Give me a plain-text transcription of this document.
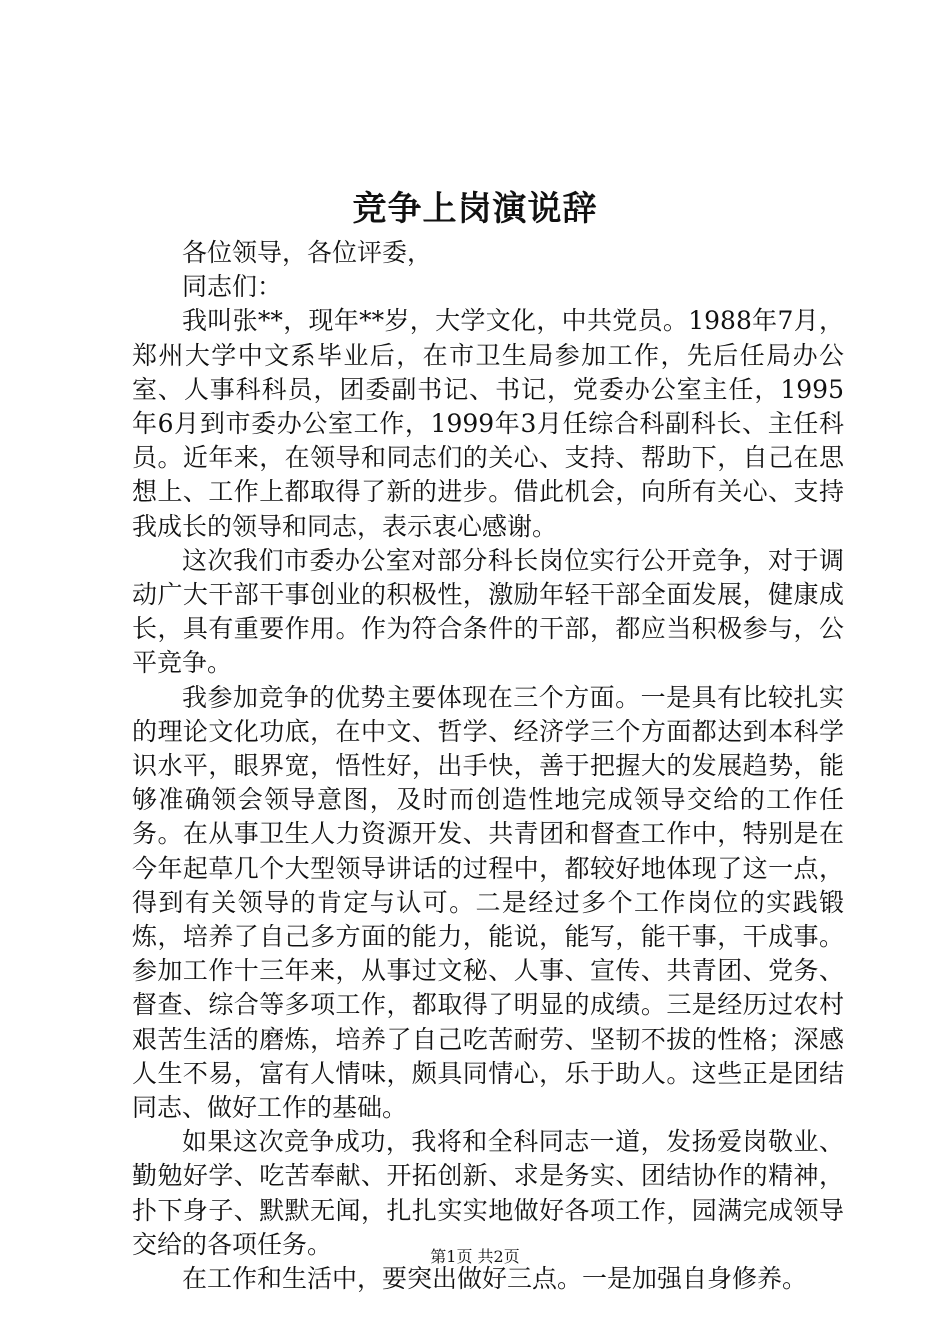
竞争上岗演说辞

各位领导，各位评委，

同志们：

我叫张**，现年**岁，大学文化，中共党员。1988年7月，郑州大学中文系毕业后，在市卫生局参加工作，先后任局办公室、人事科科员，团委副书记、书记，党委办公室主任，1995年6月到市委办公室工作，1999年3月任综合科副科长、主任科员。近年来，在领导和同志们的关心、支持、帮助下，自己在思想上、工作上都取得了新的进步。借此机会，向所有关心、支持我成长的领导和同志，表示衷心感谢。

这次我们市委办公室对部分科长岗位实行公开竞争，对于调动广大干部干事创业的积极性，激励年轻干部全面发展，健康成长，具有重要作用。作为符合条件的干部，都应当积极参与，公平竞争。

我参加竞争的优势主要体现在三个方面。一是具有比较扎实的理论文化功底，在中文、哲学、经济学三个方面都达到本科学识水平，眼界宽，悟性好，出手快，善于把握大的发展趋势，能够准确领会领导意图，及时而创造性地完成领导交给的工作任务。在从事卫生人力资源开发、共青团和督查工作中，特别是在今年起草几个大型领导讲话的过程中，都较好地体现了这一点，得到有关领导的肯定与认可。二是经过多个工作岗位的实践锻炼，培养了自己多方面的能力，能说，能写，能干事，干成事。参加工作十三年来，从事过文秘、人事、宣传、共青团、党务、督查、综合等多项工作，都取得了明显的成绩。三是经历过农村艰苦生活的磨炼，培养了自己吃苦耐劳、坚韧不拔的性格；深感人生不易，富有人情味，颇具同情心，乐于助人。这些正是团结同志、做好工作的基础。

如果这次竞争成功，我将和全科同志一道，发扬爱岗敬业、勤勉好学、吃苦奉献、开拓创新、求是务实、团结协作的精神，扑下身子、默默无闻，扎扎实实地做好各项工作，园满完成领导交给的各项任务。

在工作和生活中，要突出做好三点。一是加强自身修养。

第1页 共2页
